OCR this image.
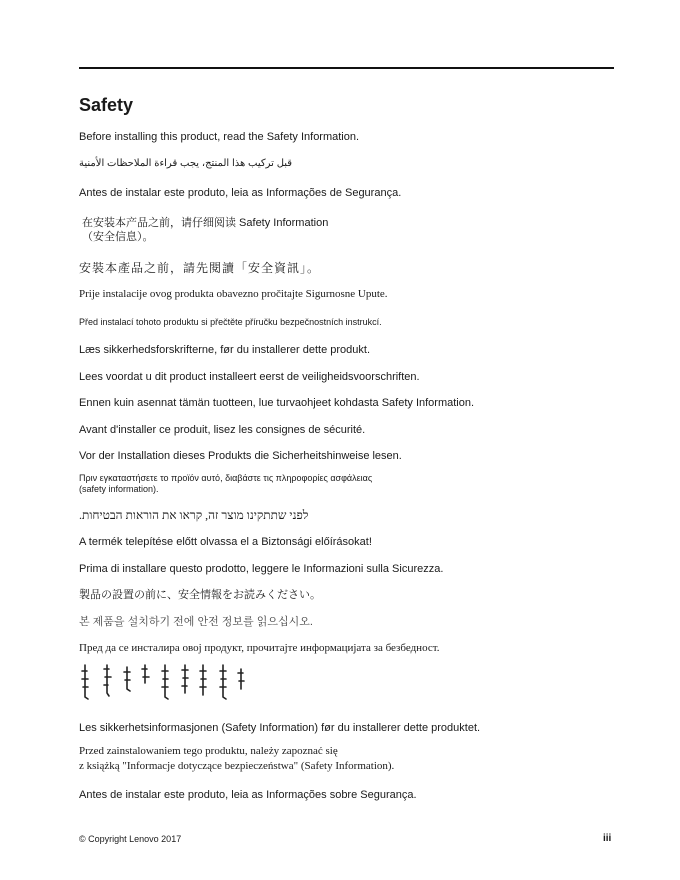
Safety
Before installing this product, read the Safety Information.
قبل تركيب هذا المنتج، يجب قراءة الملاحظات الأمنية
Antes de instalar este produto, leia as Informações de Segurança.
在安装本产品之前，请仔细阅读 Safety Information
（安全信息）。
安裝本產品之前，請先閱讀「安全資訊」。
Prije instalacije ovog produkta obavezno pročitajte Sigurnosne Upute.
Před instalací tohoto produktu si přečtěte příručku bezpečnostních instrukcí.
Læs sikkerhedsforskrifterne, før du installerer dette produkt.
Lees voordat u dit product installeert eerst de veiligheidsvoorschriften.
Ennen kuin asennat tämän tuotteen, lue turvaohjeet kohdasta Safety Information.
Avant d'installer ce produit, lisez les consignes de sécurité.
Vor der Installation dieses Produkts die Sicherheitshinweise lesen.
Πριν εγκαταστήσετε το προϊόν αυτό, διαβάστε τις πληροφορίες ασφάλειας
(safety information).
לפני שתתקינו מוצר זה, קראו את הוראות הבטיחות.
A termék telepítése előtt olvassa el a Biztonsági előírásokat!
Prima di installare questo prodotto, leggere le Informazioni sulla Sicurezza.
製品の設置の前に、安全情報をお読みください。
본 제품을 설치하기 전에 안전 정보를 읽으십시오.
Пред да се инсталира овој продукт, прочитајте информацијата за безбедност.
Les sikkerhetsinformasjonen (Safety Information) før du installerer dette produktet.
Przed zainstalowaniem tego produktu, należy zapoznać się
z książką "Informacje dotyczące bezpieczeństwa" (Safety Information).
Antes de instalar este produto, leia as Informações sobre Segurança.
© Copyright Lenovo 2017	iii
